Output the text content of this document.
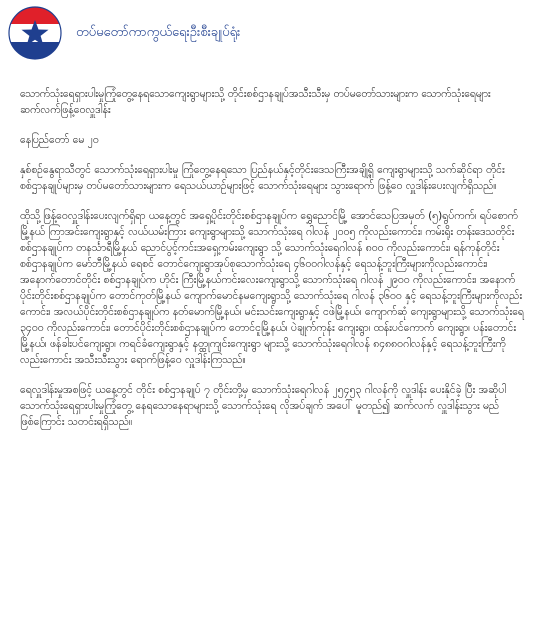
တပ်မတော်ကာကွယ်ရေးဦးစီးချုပ်ရုံး

သောက်သုံးရေရှားပါးမှုကြုံတွေ့နေရသောကျေးရွာများသို့ တိုင်းစစ်ဌာနချုပ်အသီးသီးမှ တပ်မတော်သားများက သောက်သုံးရေများဆက်လက်ဖြန့်ဝေလှူဒါန်း

နေပြည်တော် မေ ၂၀

နှစ်စဉ်နွေရာသီတွင် သောက်သုံးရေရှားပါးမှု ကြုံတွေ့နေရသော ပြည်နယ်နှင့်တိုင်းဒေသကြီးအချို့ရှိ ကျေးရွာများသို့ သက်ဆိုင်ရာ တိုင်းစစ်ဌာနချုပ်များမှ တပ်မတော်သားများက ရေသယ်ယာဉ်များဖြင့် သောက်သုံးရေများ သွားရောက် ဖြန့်ဝေ လှူဒါန်းပေးလျက်ရှိသည်။

ထိုသို့ဖြန့်ဝေလှူဒါန်းပေးလျက်ရှိရာ ယနေ့တွင် အရှေ့ပိုင်းတိုင်းစစ်ဌာနချုပ်က ရွှေညောင်မြို့ အောင်သေပြအမှတ် (၅)ရွပ်ကက်၊ ရပ်စောက်မြို့နယ် ကြာအင်းကျေးရွာနှင့် လယ်ယမ်းကြား ကျေးရွာများသို့ သောက်သုံးရေ ဂါလန် ၂၀၀၅ ကိုလည်းကောင်း၊ ကမ်းရိုး တန်းဒေသတိုင်းစစ်ဌာနချုပ်က တနင်္သာရီမြို့နယ် ညောင်ပွင့်ကင်းအရှေ့ကမ်းကျေးရွာ သို့ သောက်သုံးရေဂါလန် ၈၀၀ ကိုလည်းကောင်း၊ ရန်ကုန်တိုင်းစစ်ဌာနချုပ်က မော်ဘီမြို့နယ် ရေစင် တောင်ကျေးရွာအုပ်စုသောက်သုံးရေ ၄၆၀၀ဂါလန်နှင့် ရေသန့်ဘူးကြီးများကိုလည်းကောင်း၊ အနောက်တောင်တိုင်း စစ်ဌာနချုပ်က ဟိုင်း ကြီးမြို့နယ်ကင်းလေးကျေးရွာသို့ သောက်သုံးရေ ဂါလန် ၂၉၀၀ ကိုလည်းကောင်း၊ အနောက် ပိုင်းတိုင်းစစ်ဌာနချုပ်က တောင်ကုတ်မြို့နယ် ကျောက်မောင်နမကျေးရွာသို့ သောက်သုံးရေ ဂါလန် ၃၆၀၀ နှင့် ရေသန့်ဘူးကြီးများကိုလည်း ကောင်း၊ အလယ်ပိုင်းတိုင်းစစ်ဌာနချုပ်က နတ်မောက်မြို့နယ်၊ မင်းသင်းကျေးရွာနှင့် ငဖဲမြို့နယ်၊ ကျောက်ဆုံ ကျေးရွာများသို့ သောက်သုံးရေ ၃၄၀၀ ကိုလည်းကောင်း၊ တောင်ပိုင်းတိုင်းစစ်ဌာနချုပ်က တောင်ငူမြို့နယ်၊ ပဲချုက်ကုန်း ကျေးရွာ၊ ထန်းပင်ကောက် ကျေးရွာ၊ ပန်းတောင်းမြို့နယ်၊ ဖန်ခါးပင်ကျေးရွာ၊ ကရင်ခံကျေးရွာနှင့် နတ္ထုကျင်းကျေးရွာ များသို့ သောက်သုံးရေဂါလန် ၈၄၈၈၀ဂါလန်နှင့် ရေသန့်ဘူးကြီးကို လည်းကောင်း အသီးသီးသွား ရောက်ဖြန့်ဝေ လှူဒါန်းကြသည်။

ရေလှူဒါန်းမှုအစဖြင့် ယနေ့တွင် တိုင်း စစ်ဌာနချုပ် ၇ တိုင်းတို့မှ သောက်သုံးရေဂါလန် ၂၅၄၅၃ ဂါလန်ကို လှူဒါန်း ပေးနိုင်ခဲ့ ပြီး အဆိုပါသောက်သုံးရေရှားပါးမှုကြုံတွေ့ နေရသောနေရာများသို့ သောက်သုံးရေ လိုအပ်ချက် အပေါ် မူတည်၍ ဆက်လက် လှူဒါန်းသွား မည်ဖြစ်ကြောင်း သတင်းရရှိသည်။
